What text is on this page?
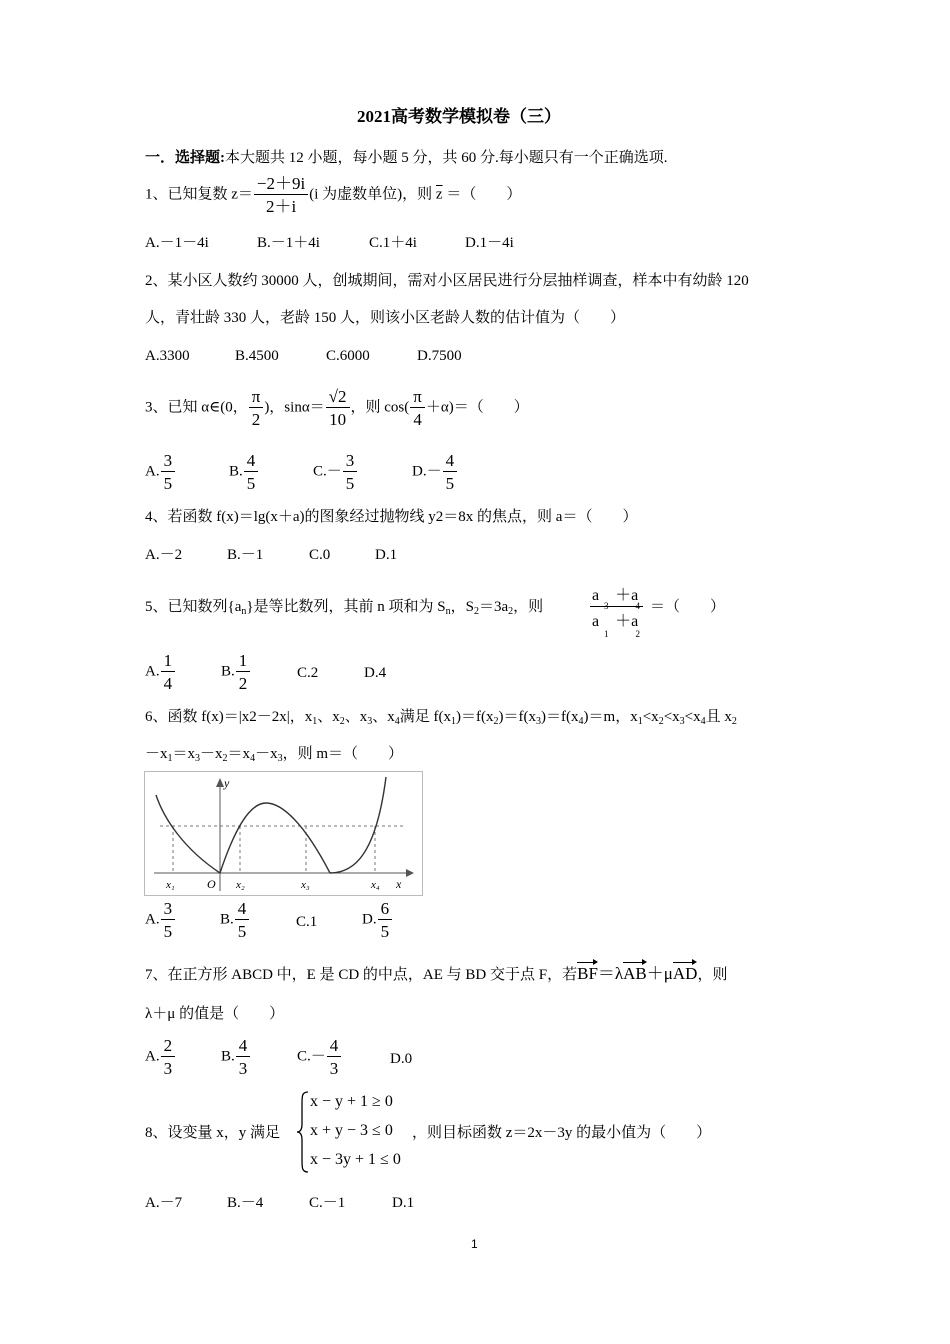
2021高考数学模拟卷（三）
一．选择题:本大题共 12 小题，每小题 5 分，共 60 分.每小题只有一个正确选项.
1、已知复数 $z= \frac{-2+9i}{2+i} (i$ 为虚数单位)，则 $\overline{z}$ ＝（　　）
A.－1－4i	B.－1＋4i	C.1＋4i	D.1－4i
2、某小区人数约 30000 人，创城期间，需对小区居民进行分层抽样调查，样本中有幼龄 120
人，青壮龄 330 人，老龄 150 人，则该小区老龄人数的估计值为（　　）
A.3300	B.4500	C.6000	D.7500
3、已知 α∈(0， $\frac{\pi}{2}$ )，$\sin\alpha= \frac{√2}{10}$ ，则 $\cos( \frac{\pi}{4} +\alpha)=$（　　）
A. $\frac{3}{5}$	B. $\frac{4}{5}$	$C.- \frac{3}{5}$	$D.- \frac{4}{5}$
4、若函数 f(x)＝lg(x＋a)的图象经过抛物线 y2＝8x 的焦点，则 a＝（　　）
A.－2	B.－1	C.0	D.1
5、已知数列$\{a_n\}$是等比数列，其前 n 项和为 $S_n$，$S_2=3a_2$，则
a　＋a
3　　　4
a　＋a
1　　　2
＝（　　）
A. $\frac{1}{4}$	B. $\frac{1}{2}$	C.2	D.4
6、函数 f(x)＝|x2－2x|，$x_1$、$x_2$、$x_3$、$x_4$满足 $f(x_1)=f(x_2)=f(x_3)=f(x_4)=m$，$x_1<x_2<x_3<x_4$且 $x_2$
$-x_1=x_3-x_2=x_4-x_3$，则 m＝（　　）
y
x
O
x₁	x₂	x₃	x₄
A. $\frac{3}{5}$	B. $\frac{4}{5}$	C.1	D. $\frac{6}{5}$
7、在正方形 ABCD 中，E 是 CD 的中点，AE 与 BD 交于点 F，若BF＝λAB＋μAD，则
λ＋μ 的值是（　　）
A. $\frac{2}{3}$	B. $\frac{4}{3}$	$C.- \frac{4}{3}$	D.0
8、设变量 x，y 满足
x − y + 1 ≥ 0
x + y − 3 ≤ 0
x − 3y + 1 ≤ 0
，则目标函数 z＝2x－3y 的最小值为（　　）
A.－7	B.－4	C.－1	D.1
1
